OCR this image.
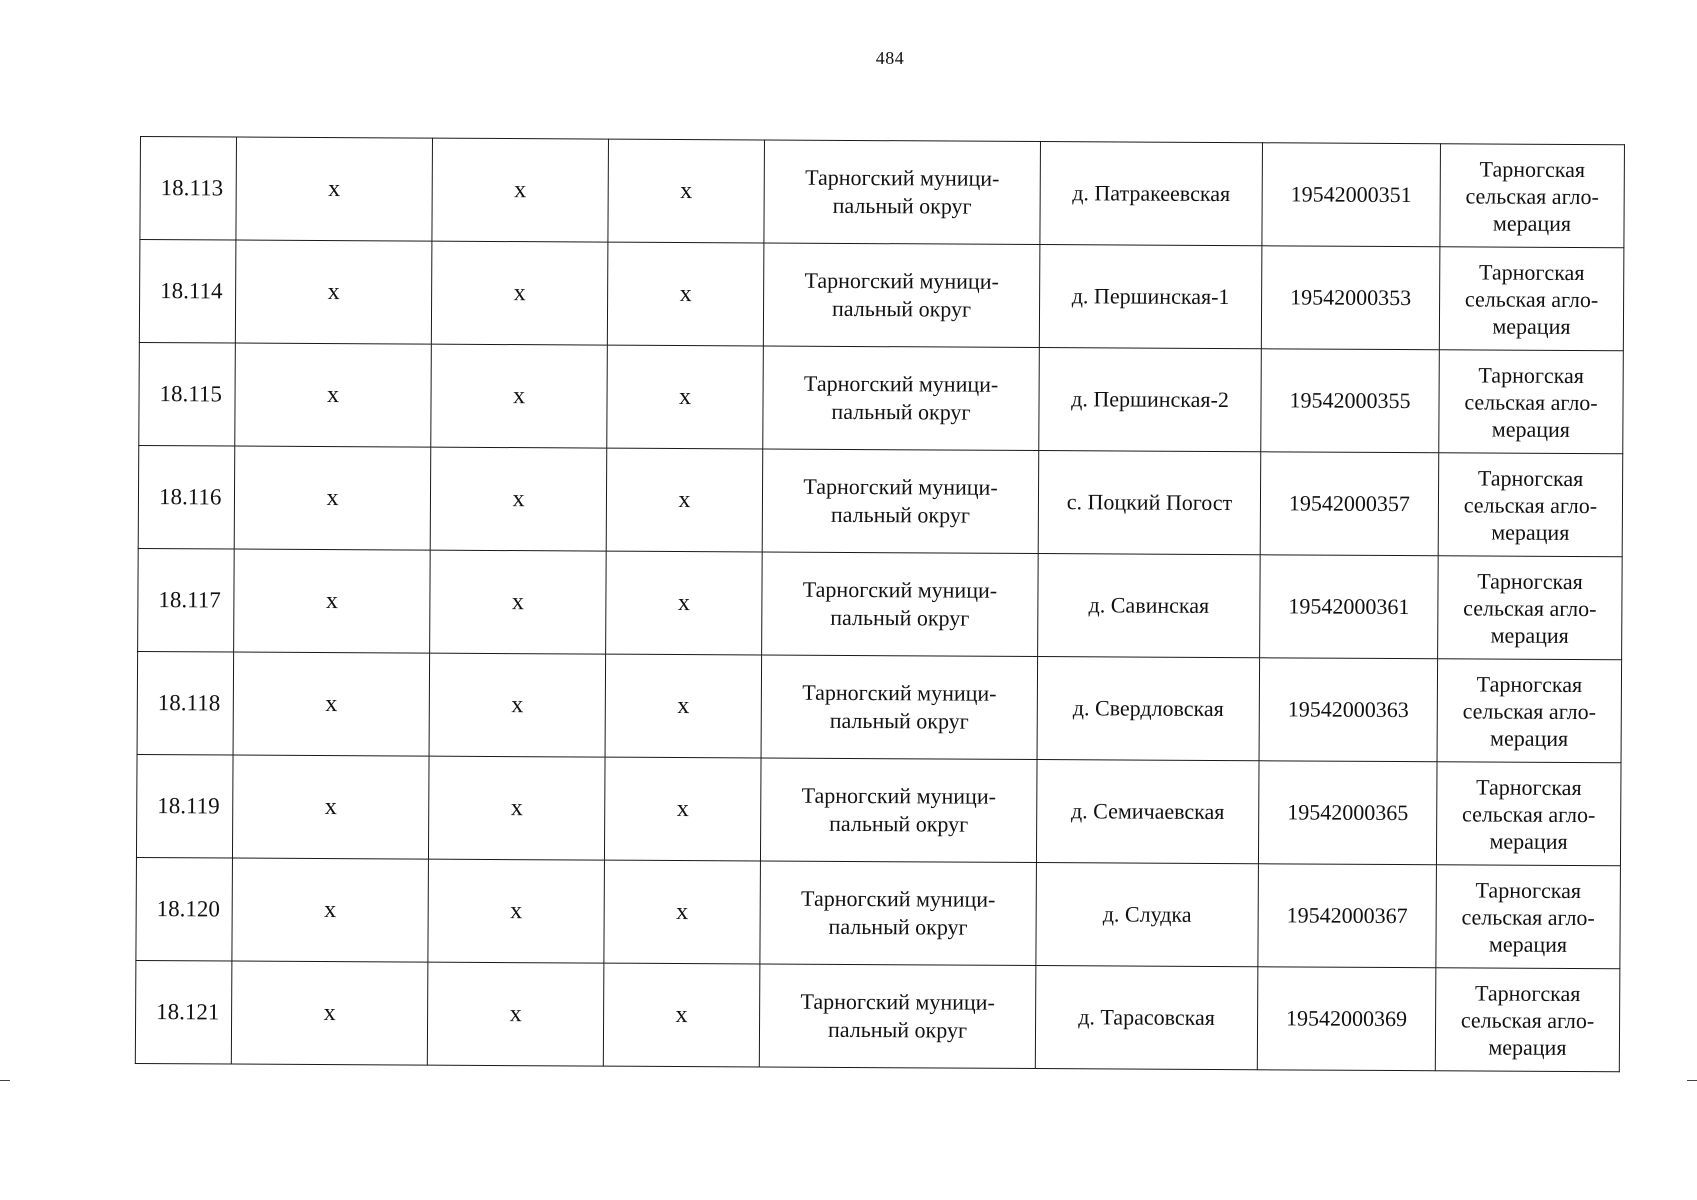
484
18.113	х	х	х	Тарногский муници-
пальный округ	д. Патракеевская	19542000351	Тарногская
сельская агло-
мерация
18.114	х	х	х	Тарногский муници-
пальный округ	д. Першинская-1	19542000353	Тарногская
сельская агло-
мерация
18.115	х	х	х	Тарногский муници-
пальный округ	д. Першинская-2	19542000355	Тарногская
сельская агло-
мерация
18.116	х	х	х	Тарногский муници-
пальный округ	с. Поцкий Погост	19542000357	Тарногская
сельская агло-
мерация
18.117	х	х	х	Тарногский муници-
пальный округ	д. Савинская	19542000361	Тарногская
сельская агло-
мерация
18.118	х	х	х	Тарногский муници-
пальный округ	д. Свердловская	19542000363	Тарногская
сельская агло-
мерация
18.119	х	х	х	Тарногский муници-
пальный округ	д. Семичаевская	19542000365	Тарногская
сельская агло-
мерация
18.120	х	х	х	Тарногский муници-
пальный округ	д. Слудка	19542000367	Тарногская
сельская агло-
мерация
18.121	х	х	х	Тарногский муници-
пальный округ	д. Тарасовская	19542000369	Тарногская
сельская агло-
мерация
